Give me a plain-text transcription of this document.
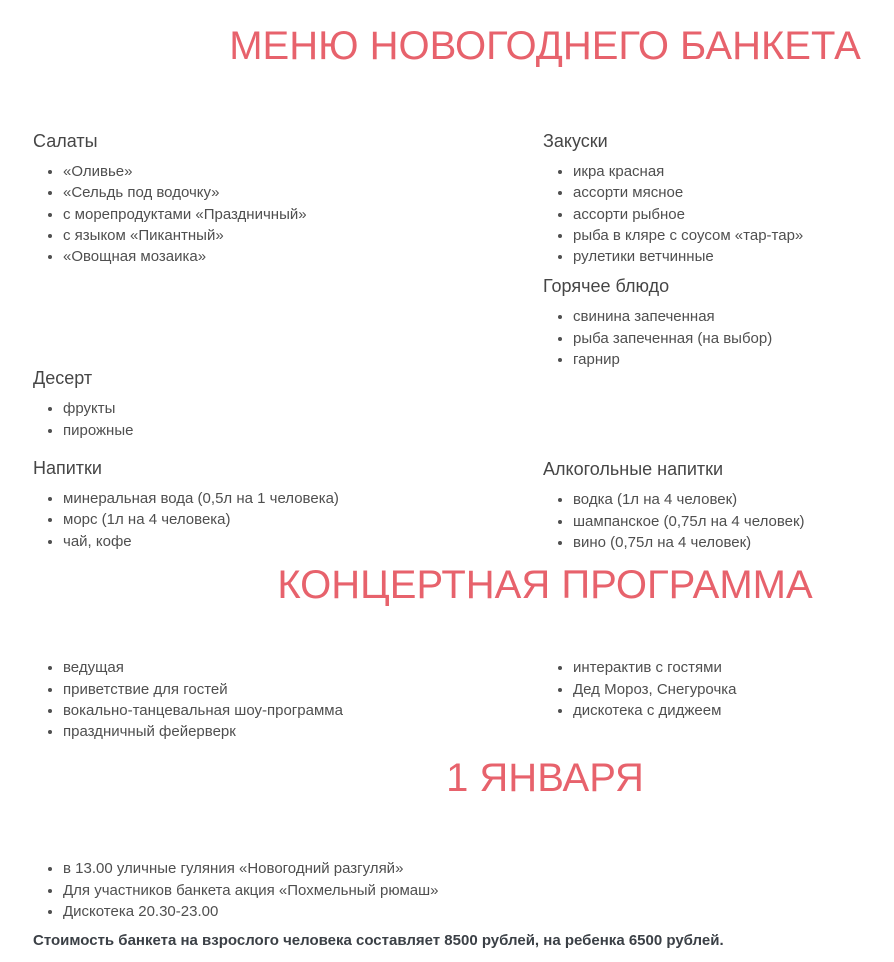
МЕНЮ НОВОГОДНЕГО БАНКЕТА
Салаты
• «Оливье»
• «Сельдь под водочку»
• с морепродуктами «Праздничный»
• с языком «Пикантный»
• «Овощная мозаика»
Десерт
• фрукты
• пирожные
Напитки
• минеральная вода (0,5л на 1 человека)
• морс (1л на 4 человека)
• чай, кофе
Закуски
• икра красная
• ассорти мясное
• ассорти рыбное
• рыба в кляре с соусом «тар-тар»
• рулетики ветчинные
Горячее блюдо
• свинина запеченная
• рыба запеченная (на выбор)
• гарнир
Алкогольные напитки
• водка (1л на 4 человек)
• шампанское (0,75л на 4 человек)
• вино (0,75л на 4 человек)
КОНЦЕРТНАЯ ПРОГРАММА
• ведущая
• приветствие для гостей
• вокально-танцевальная шоу-программа
• праздничный фейерверк
• интерактив с гостями
• Дед Мороз, Снегурочка
• дискотека с диджеем
1 ЯНВАРЯ
• в 13.00 уличные гуляния «Новогодний разгуляй»
• Для участников банкета акция «Похмельный рюмаш»
• Дискотека 20.30-23.00

Стоимость банкета на взрослого человека составляет 8500 рублей, на ребенка 6500 рублей.
